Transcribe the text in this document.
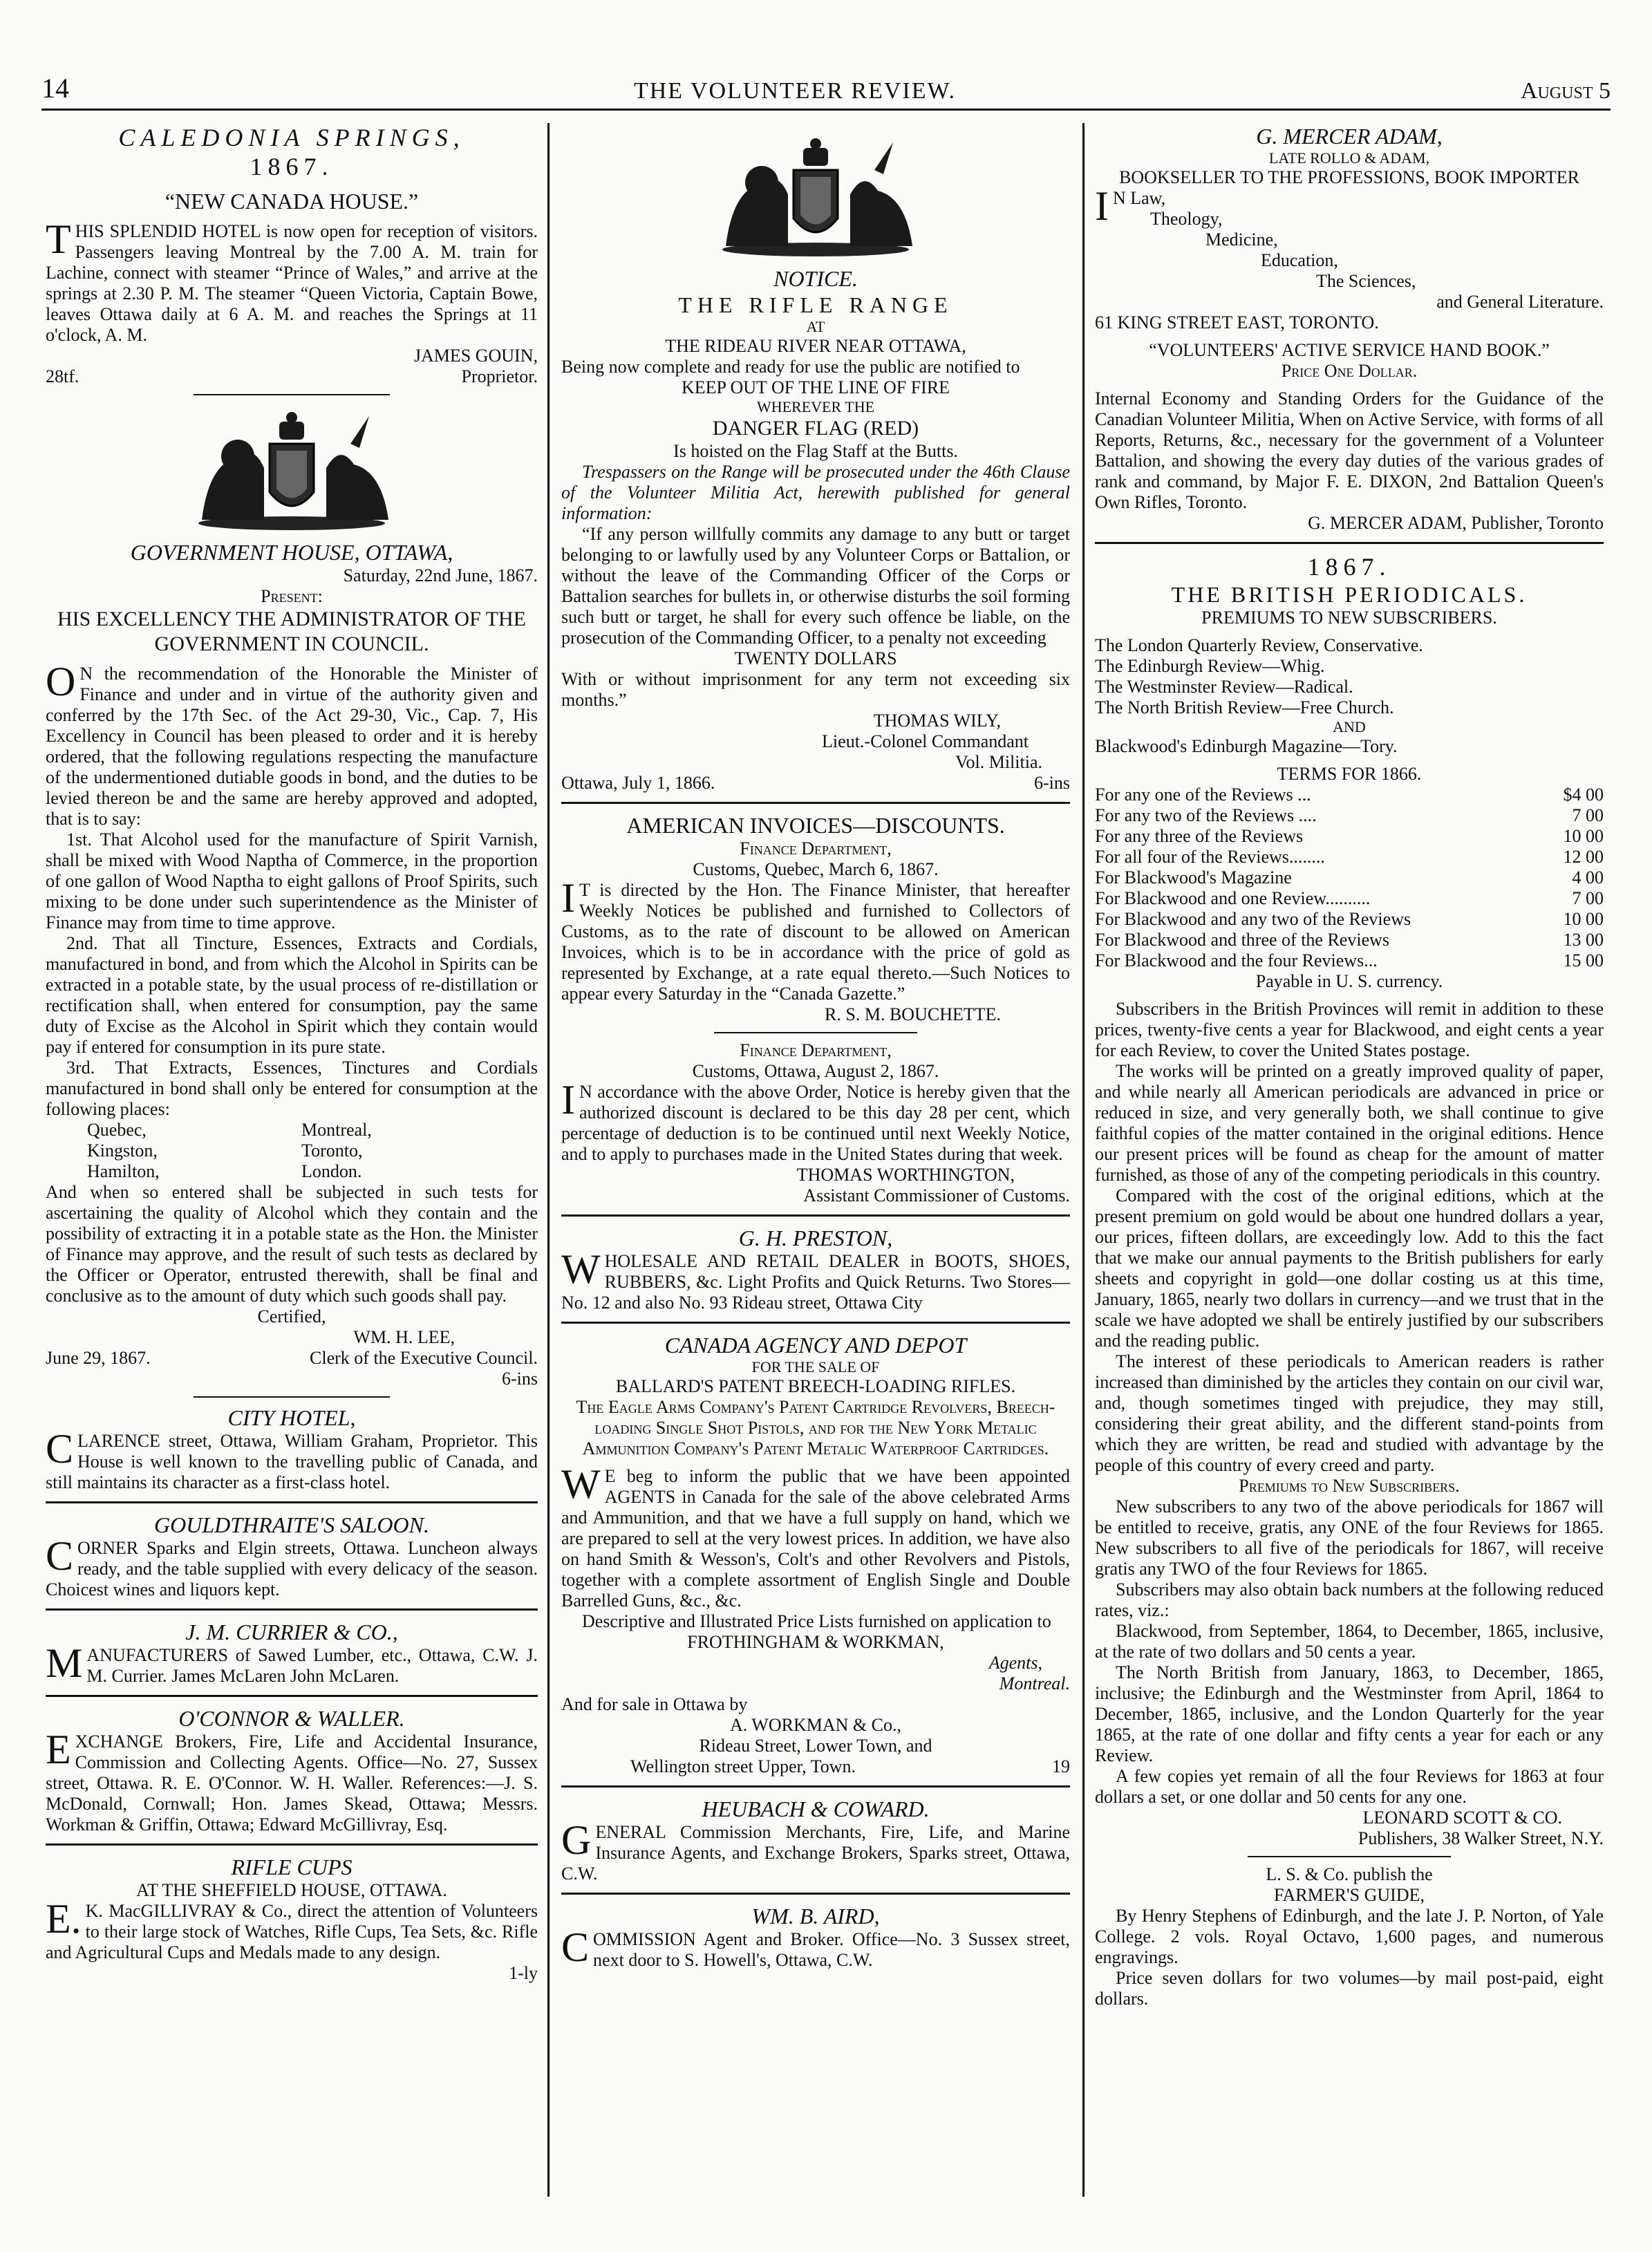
14	THE VOLUNTEER REVIEW.	August 5
CALEDONIA SPRINGS,
1867.
“NEW CANADA HOUSE.”
THIS SPLENDID HOTEL is now open for reception of visitors. Passengers leaving Montreal by the 7.00 A. M. train for Lachine, connect with steamer “Prince of Wales,” and arrive at the springs at 2.30 P. M. The steamer “Queen Victoria, Captain Bowe, leaves Ottawa daily at 6 A. M. and reaches the Springs at 11 o'clock, A. M.
JAMES GOUIN,
28tf.	Proprietor.
GOVERNMENT HOUSE, OTTAWA,
Saturday, 22nd June, 1867.
Present:
HIS EXCELLENCY THE ADMINISTRATOR OF THE GOVERNMENT IN COUNCIL.
ON the recommendation of the Honorable the Minister of Finance and under and in virtue of the authority given and conferred by the 17th Sec. of the Act 29-30, Vic., Cap. 7, His Excellency in Council has been pleased to order and it is hereby ordered, that the following regulations respecting the manufacture of the undermentioned dutiable goods in bond, and the duties to be levied thereon be and the same are hereby approved and adopted, that is to say:
1st. That Alcohol used for the manufacture of Spirit Varnish, shall be mixed with Wood Naptha of Commerce, in the proportion of one gallon of Wood Naptha to eight gallons of Proof Spirits, such mixing to be done under such superintendence as the Minister of Finance may from time to time approve.
2nd. That all Tincture, Essences, Extracts and Cordials, manufactured in bond, and from which the Alcohol in Spirits can be extracted in a potable state, by the usual process of re-distillation or rectification shall, when entered for consumption, pay the same duty of Excise as the Alcohol in Spirit which they contain would pay if entered for consumption in its pure state.
3rd. That Extracts, Essences, Tinctures and Cordials manufactured in bond shall only be entered for consumption at the following places:
Quebec,	Montreal,
Kingston,	Toronto,
Hamilton,	London.
And when so entered shall be subjected in such tests for ascertaining the quality of Alcohol which they contain and the possibility of extracting it in a potable state as the Hon. the Minister of Finance may approve, and the result of such tests as declared by the Officer or Operator, entrusted therewith, shall be final and conclusive as to the amount of duty which such goods shall pay.
Certified,
WM. H. LEE,
June 29, 1867.	Clerk of the Executive Council.
6-ins
CITY HOTEL,
CLARENCE street, Ottawa, William Graham, Proprietor. This House is well known to the travelling public of Canada, and still maintains its character as a first-class hotel.
GOULDTHRAITE'S SALOON.
CORNER Sparks and Elgin streets, Ottawa. Luncheon always ready, and the table supplied with every delicacy of the season. Choicest wines and liquors kept.
J. M. CURRIER & CO.,
MANUFACTURERS of Sawed Lumber, etc., Ottawa, C.W. J. M. Currier. James McLaren John McLaren.
O'CONNOR & WALLER.
EXCHANGE Brokers, Fire, Life and Accidental Insurance, Commission and Collecting Agents. Office—No. 27, Sussex street, Ottawa. R. E. O'Connor. W. H. Waller. References:—J. S. McDonald, Cornwall; Hon. James Skead, Ottawa; Messrs. Workman & Griffin, Ottawa; Edward McGillivray, Esq.
RIFLE CUPS
AT THE SHEFFIELD HOUSE, OTTAWA.
E.K. MacGILLIVRAY & Co., direct the attention of Volunteers to their large stock of Watches, Rifle Cups, Tea Sets, &c. Rifle and Agricultural Cups and Medals made to any design.
1-ly
NOTICE.
THE RIFLE RANGE
AT
THE RIDEAU RIVER NEAR OTTAWA,
Being now complete and ready for use the public are notified to
KEEP OUT OF THE LINE OF FIRE
WHEREVER THE
DANGER FLAG (RED)
Is hoisted on the Flag Staff at the Butts.
Trespassers on the Range will be prosecuted under the 46th Clause of the Volunteer Militia Act, herewith published for general information:
“If any person willfully commits any damage to any butt or target belonging to or lawfully used by any Volunteer Corps or Battalion, or without the leave of the Commanding Officer of the Corps or Battalion searches for bullets in, or otherwise disturbs the soil forming such butt or target, he shall for every such offence be liable, on the prosecution of the Commanding Officer, to a penalty not exceeding
TWENTY DOLLARS
With or without imprisonment for any term not exceeding six months.”
THOMAS WILY,
Lieut.-Colonel Commandant
Vol. Militia.
Ottawa, July 1, 1866.	6-ins
AMERICAN INVOICES—DISCOUNTS.
Finance Department,
Customs, Quebec, March 6, 1867.
IT is directed by the Hon. The Finance Minister, that hereafter Weekly Notices be published and furnished to Collectors of Customs, as to the rate of discount to be allowed on American Invoices, which is to be in accordance with the price of gold as represented by Exchange, at a rate equal thereto.—Such Notices to appear every Saturday in the “Canada Gazette.”
R. S. M. BOUCHETTE.
Finance Department,
Customs, Ottawa, August 2, 1867.
IN accordance with the above Order, Notice is hereby given that the authorized discount is declared to be this day 28 per cent, which percentage of deduction is to be continued until next Weekly Notice, and to apply to purchases made in the United States during that week.
THOMAS WORTHINGTON,
Assistant Commissioner of Customs.
G. H. PRESTON,
WHOLESALE AND RETAIL DEALER in BOOTS, SHOES, RUBBERS, &c. Light Profits and Quick Returns. Two Stores—No. 12 and also No. 93 Rideau street, Ottawa City
CANADA AGENCY AND DEPOT
FOR THE SALE OF
BALLARD'S PATENT BREECH-LOADING RIFLES.
The Eagle Arms Company's Patent Cartridge Revolvers, Breech-loading Single Shot Pistols, and for the New York Metalic Ammunition Company's Patent Metalic Waterproof Cartridges.
WE beg to inform the public that we have been appointed AGENTS in Canada for the sale of the above celebrated Arms and Ammunition, and that we have a full supply on hand, which we are prepared to sell at the very lowest prices. In addition, we have also on hand Smith & Wesson's, Colt's and other Revolvers and Pistols, together with a complete assortment of English Single and Double Barrelled Guns, &c., &c.
Descriptive and Illustrated Price Lists furnished on application to
FROTHINGHAM & WORKMAN,
Agents,
Montreal.
And for sale in Ottawa by
A. WORKMAN & Co.,
Rideau Street, Lower Town, and
Wellington street Upper, Town.	19
HEUBACH & COWARD.
GENERAL Commission Merchants, Fire, Life, and Marine Insurance Agents, and Exchange Brokers, Sparks street, Ottawa, C.W.
WM. B. AIRD,
COMMISSION Agent and Broker. Office—No. 3 Sussex street, next door to S. Howell's, Ottawa, C.W.
G. MERCER ADAM,
LATE ROLLO & ADAM,
BOOKSELLER TO THE PROFESSIONS, BOOK IMPORTER
IN Law,
Theology,
Medicine,
Education,
The Sciences,
and General Literature.
61 KING STREET EAST, TORONTO.
“VOLUNTEERS' ACTIVE SERVICE HAND BOOK.”
Price One Dollar.
Internal Economy and Standing Orders for the Guidance of the Canadian Volunteer Militia, When on Active Service, with forms of all Reports, Returns, &c., necessary for the government of a Volunteer Battalion, and showing the every day duties of the various grades of rank and command, by Major F. E. DIXON, 2nd Battalion Queen's Own Rifles, Toronto.
G. MERCER ADAM, Publisher, Toronto
1867.
THE BRITISH PERIODICALS.
PREMIUMS TO NEW SUBSCRIBERS.
The London Quarterly Review, Conservative.
The Edinburgh Review—Whig.
The Westminster Review—Radical.
The North British Review—Free Church.
AND
Blackwood's Edinburgh Magazine—Tory.
TERMS FOR 1866.
For any one of the Reviews ...	$4 00
For any two of the Reviews ....	7 00
For any three of the Reviews	10 00
For all four of the Reviews........	12 00
For Blackwood's Magazine	4 00
For Blackwood and one Review..........	7 00
For Blackwood and any two of the Reviews	10 00
For Blackwood and three of the Reviews	13 00
For Blackwood and the four Reviews...	15 00
Payable in U. S. currency.
Subscribers in the British Provinces will remit in addition to these prices, twenty-five cents a year for Blackwood, and eight cents a year for each Review, to cover the United States postage.
The works will be printed on a greatly improved quality of paper, and while nearly all American periodicals are advanced in price or reduced in size, and very generally both, we shall continue to give faithful copies of the matter contained in the original editions. Hence our present prices will be found as cheap for the amount of matter furnished, as those of any of the competing periodicals in this country.
Compared with the cost of the original editions, which at the present premium on gold would be about one hundred dollars a year, our prices, fifteen dollars, are exceedingly low. Add to this the fact that we make our annual payments to the British publishers for early sheets and copyright in gold—one dollar costing us at this time, January, 1865, nearly two dollars in currency—and we trust that in the scale we have adopted we shall be entirely justified by our subscribers and the reading public.
The interest of these periodicals to American readers is rather increased than diminished by the articles they contain on our civil war, and, though sometimes tinged with prejudice, they may still, considering their great ability, and the different stand-points from which they are written, be read and studied with advantage by the people of this country of every creed and party.
Premiums to New Subscribers.
New subscribers to any two of the above periodicals for 1867 will be entitled to receive, gratis, any ONE of the four Reviews for 1865. New subscribers to all five of the periodicals for 1867, will receive gratis any TWO of the four Reviews for 1865.
Subscribers may also obtain back numbers at the following reduced rates, viz.:
Blackwood, from September, 1864, to December, 1865, inclusive, at the rate of two dollars and 50 cents a year.
The North British from January, 1863, to December, 1865, inclusive; the Edinburgh and the Westminster from April, 1864 to December, 1865, inclusive, and the London Quarterly for the year 1865, at the rate of one dollar and fifty cents a year for each or any Review.
A few copies yet remain of all the four Reviews for 1863 at four dollars a set, or one dollar and 50 cents for any one.
LEONARD SCOTT & CO.
Publishers, 38 Walker Street, N.Y.
L. S. & Co. publish the
FARMER'S GUIDE,
By Henry Stephens of Edinburgh, and the late J. P. Norton, of Yale College. 2 vols. Royal Octavo, 1,600 pages, and numerous engravings.
Price seven dollars for two volumes—by mail post-paid, eight dollars.
